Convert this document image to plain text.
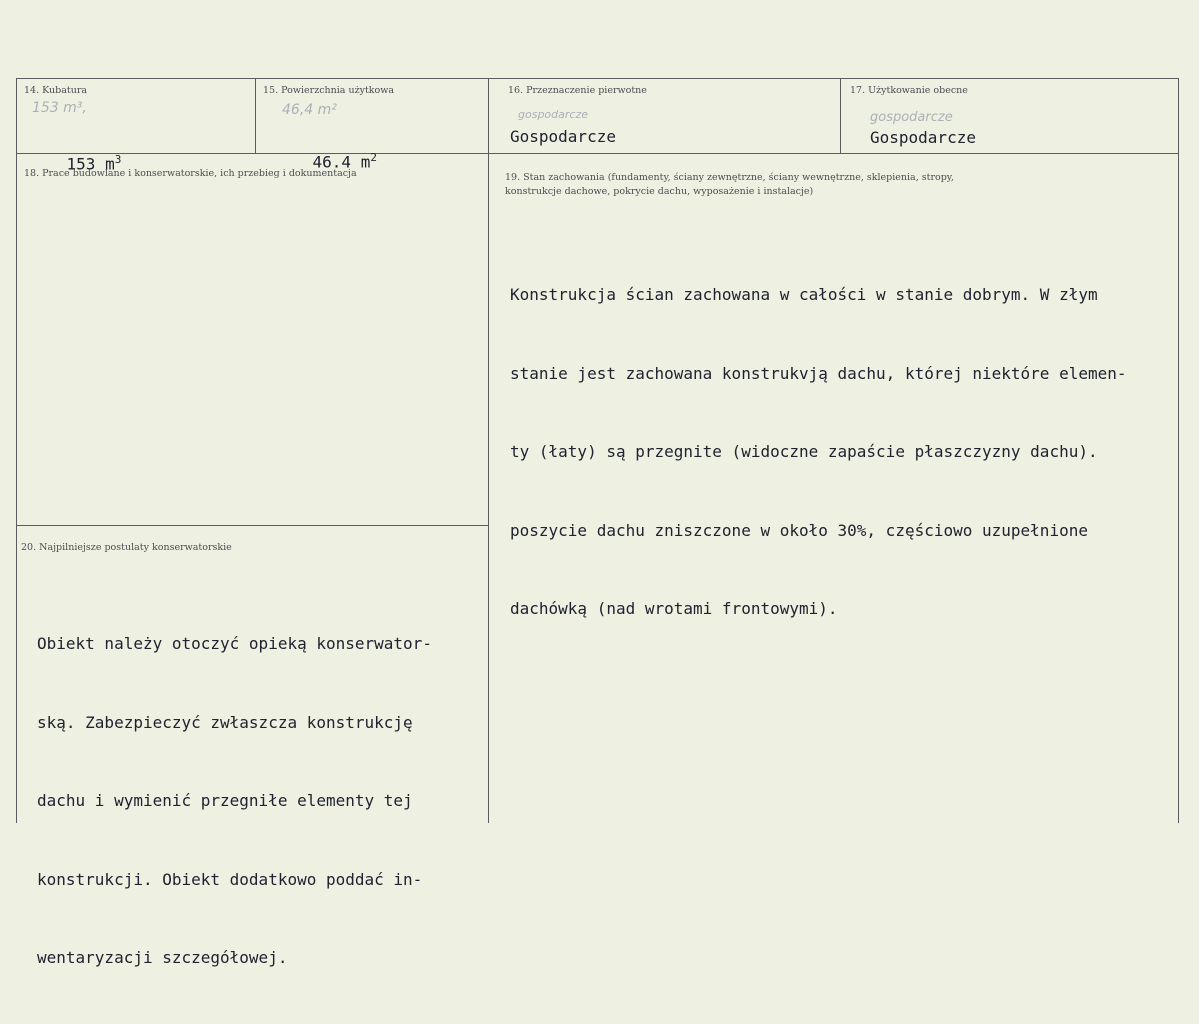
14. Kubatura
153 m³,

153 $m^3$

15. Powierzchnia użytkowa
46,4 m²

46.4 $m^2$

16. Przeznaczenie pierwotne
gospodarcze
Gospodarcze
17. Użytkowanie obecne
gospodarcze
Gospodarcze
18. Prace budowlane i konserwatorskie, ich przebieg i dokumentacja	19. Stan zachowania (fundamenty, ściany zewnętrzne, ściany wewnętrzne, sklepienia, stropy,
konstrukcje dachowe, pokrycie dachu, wyposażenie i instalacje)

Konstrukcja ścian zachowana w całości w stanie dobrym. W złym

stanie jest zachowana konstrukvją dachu, której niektóre elemen-

ty (łaty) są przegnite (widoczne zapaście płaszczyzny dachu).

poszycie dachu zniszczone w około 30%, częściowo uzupełnione

dachówką (nad wrotami frontowymi).

20. Najpilniejsze postulaty konserwatorskie

Obiekt należy otoczyć opieką konserwator-

ską. Zabezpieczyć zwłaszcza konstrukcję

dachu i wymienić przegniłe elementy tej

konstrukcji. Obiekt dodatkowo poddać in-

wentaryzacji szczegółowej.
